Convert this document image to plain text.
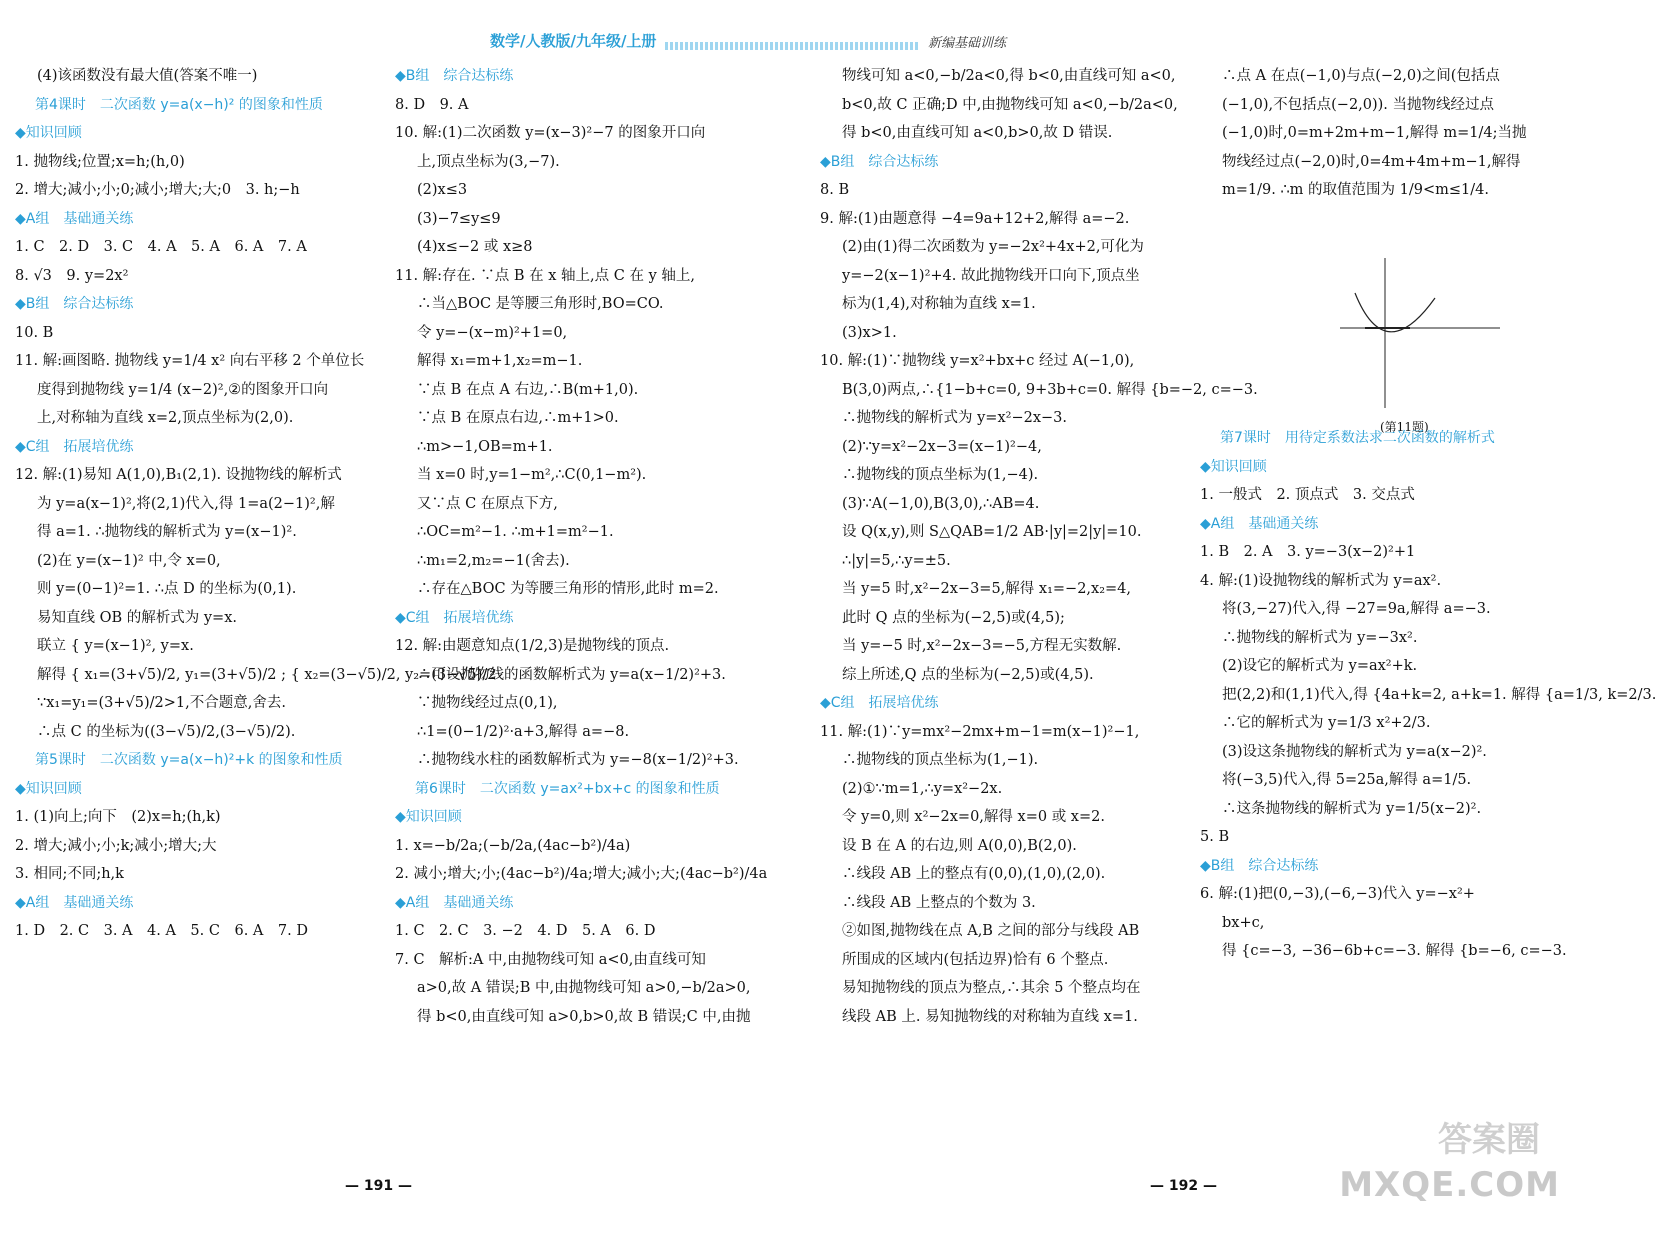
数学/人教版/九年级/上册	新编基础训练
(4)该函数没有最大值(答案不唯一)
第4课时　二次函数 y=a(x−h)² 的图象和性质
◆知识回顾
1. 抛物线;位置;x=h;(h,0)
2. 增大;减小;小;0;减小;增大;大;0　3. h;−h
◆A组　基础通关练
1. C　2. D　3. C　4. A　5. A　6. A　7. A
8. √3　9. y=2x²
◆B组　综合达标练
10. B
11. 解:画图略. 抛物线 y=1/4 x² 向右平移 2 个单位长
度得到抛物线 y=1/4 (x−2)²,②的图象开口向
上,对称轴为直线 x=2,顶点坐标为(2,0).
◆C组　拓展培优练
12. 解:(1)易知 A(1,0),B₁(2,1). 设抛物线的解析式
为 y=a(x−1)²,将(2,1)代入,得 1=a(2−1)²,解
得 a=1. ∴抛物线的解析式为 y=(x−1)².
(2)在 y=(x−1)² 中,令 x=0,
则 y=(0−1)²=1. ∴点 D 的坐标为(0,1).
易知直线 OB 的解析式为 y=x.
联立 { y=(x−1)², y=x.
解得 { x₁=(3+√5)/2, y₁=(3+√5)/2 ; { x₂=(3−√5)/2, y₂=(3−√5)/2
∵x₁=y₁=(3+√5)/2>1,不合题意,舍去.
∴点 C 的坐标为((3−√5)/2,(3−√5)/2).
第5课时　二次函数 y=a(x−h)²+k 的图象和性质
◆知识回顾
1. (1)向上;向下　(2)x=h;(h,k)
2. 增大;减小;小;k;减小;增大;大
3. 相同;不同;h,k
◆A组　基础通关练
1. D　2. C　3. A　4. A　5. C　6. A　7. D
◆B组　综合达标练
8. D　9. A
10. 解:(1)二次函数 y=(x−3)²−7 的图象开口向
上,顶点坐标为(3,−7).
(2)x≤3
(3)−7≤y≤9
(4)x≤−2 或 x≥8
11. 解:存在. ∵点 B 在 x 轴上,点 C 在 y 轴上,
∴当△BOC 是等腰三角形时,BO=CO.
令 y=−(x−m)²+1=0,
解得 x₁=m+1,x₂=m−1.
∵点 B 在点 A 右边,∴B(m+1,0).
∵点 B 在原点右边,∴m+1>0.
∴m>−1,OB=m+1.
当 x=0 时,y=1−m²,∴C(0,1−m²).
又∵点 C 在原点下方,
∴OC=m²−1. ∴m+1=m²−1.
∴m₁=2,m₂=−1(舍去).
∴存在△BOC 为等腰三角形的情形,此时 m=2.
◆C组　拓展培优练
12. 解:由题意知点(1/2,3)是抛物线的顶点.
∴可设抛物线的函数解析式为 y=a(x−1/2)²+3.
∵抛物线经过点(0,1),
∴1=(0−1/2)²·a+3,解得 a=−8.
∴抛物线水柱的函数解析式为 y=−8(x−1/2)²+3.
第6课时　二次函数 y=ax²+bx+c 的图象和性质
◆知识回顾
1. x=−b/2a;(−b/2a,(4ac−b²)/4a)
2. 减小;增大;小;(4ac−b²)/4a;增大;减小;大;(4ac−b²)/4a
◆A组　基础通关练
1. C　2. C　3. −2　4. D　5. A　6. D
7. C　解析:A 中,由抛物线可知 a<0,由直线可知
a>0,故 A 错误;B 中,由抛物线可知 a>0,−b/2a>0,
得 b<0,由直线可知 a>0,b>0,故 B 错误;C 中,由抛
物线可知 a<0,−b/2a<0,得 b<0,由直线可知 a<0,
b<0,故 C 正确;D 中,由抛物线可知 a<0,−b/2a<0,
得 b<0,由直线可知 a<0,b>0,故 D 错误.
◆B组　综合达标练
8. B
9. 解:(1)由题意得 −4=9a+12+2,解得 a=−2.
(2)由(1)得二次函数为 y=−2x²+4x+2,可化为
y=−2(x−1)²+4. 故此抛物线开口向下,顶点坐
标为(1,4),对称轴为直线 x=1.
(3)x>1.
10. 解:(1)∵抛物线 y=x²+bx+c 经过 A(−1,0),
B(3,0)两点,∴{1−b+c=0, 9+3b+c=0. 解得 {b=−2, c=−3.
∴抛物线的解析式为 y=x²−2x−3.
(2)∵y=x²−2x−3=(x−1)²−4,
∴抛物线的顶点坐标为(1,−4).
(3)∵A(−1,0),B(3,0),∴AB=4.
设 Q(x,y),则 S△QAB=1/2 AB·|y|=2|y|=10.
∴|y|=5,∴y=±5.
当 y=5 时,x²−2x−3=5,解得 x₁=−2,x₂=4,
此时 Q 点的坐标为(−2,5)或(4,5);
当 y=−5 时,x²−2x−3=−5,方程无实数解.
综上所述,Q 点的坐标为(−2,5)或(4,5).
◆C组　拓展培优练
11. 解:(1)∵y=mx²−2mx+m−1=m(x−1)²−1,
∴抛物线的顶点坐标为(1,−1).
(2)①∵m=1,∴y=x²−2x.
令 y=0,则 x²−2x=0,解得 x=0 或 x=2.
设 B 在 A 的右边,则 A(0,0),B(2,0).
∴线段 AB 上的整点有(0,0),(1,0),(2,0).
∴线段 AB 上整点的个数为 3.
②如图,抛物线在点 A,B 之间的部分与线段 AB
所围成的区域内(包括边界)恰有 6 个整点.
易知抛物线的顶点为整点,∴其余 5 个整点均在
线段 AB 上. 易知抛物线的对称轴为直线 x=1.
∴点 A 在点(−1,0)与点(−2,0)之间(包括点
(−1,0),不包括点(−2,0)). 当抛物线经过点
(−1,0)时,0=m+2m+m−1,解得 m=1/4;当抛
物线经过点(−2,0)时,0=4m+4m+m−1,解得
m=1/9. ∴m 的取值范围为 1/9<m≤1/4.
(第11题)
第7课时　用待定系数法求二次函数的解析式
◆知识回顾
1. 一般式　2. 顶点式　3. 交点式
◆A组　基础通关练
1. B　2. A　3. y=−3(x−2)²+1
4. 解:(1)设抛物线的解析式为 y=ax².
将(3,−27)代入,得 −27=9a,解得 a=−3.
∴抛物线的解析式为 y=−3x².
(2)设它的解析式为 y=ax²+k.
把(2,2)和(1,1)代入,得 {4a+k=2, a+k=1. 解得 {a=1/3, k=2/3.
∴它的解析式为 y=1/3 x²+2/3.
(3)设这条抛物线的解析式为 y=a(x−2)².
将(−3,5)代入,得 5=25a,解得 a=1/5.
∴这条抛物线的解析式为 y=1/5(x−2)².
5. B
◆B组　综合达标练
6. 解:(1)把(0,−3),(−6,−3)代入 y=−x²+
bx+c,
得 {c=−3, −36−6b+c=−3. 解得 {b=−6, c=−3.
— 191 —	— 192 —
答案圈
MXQE.COM
